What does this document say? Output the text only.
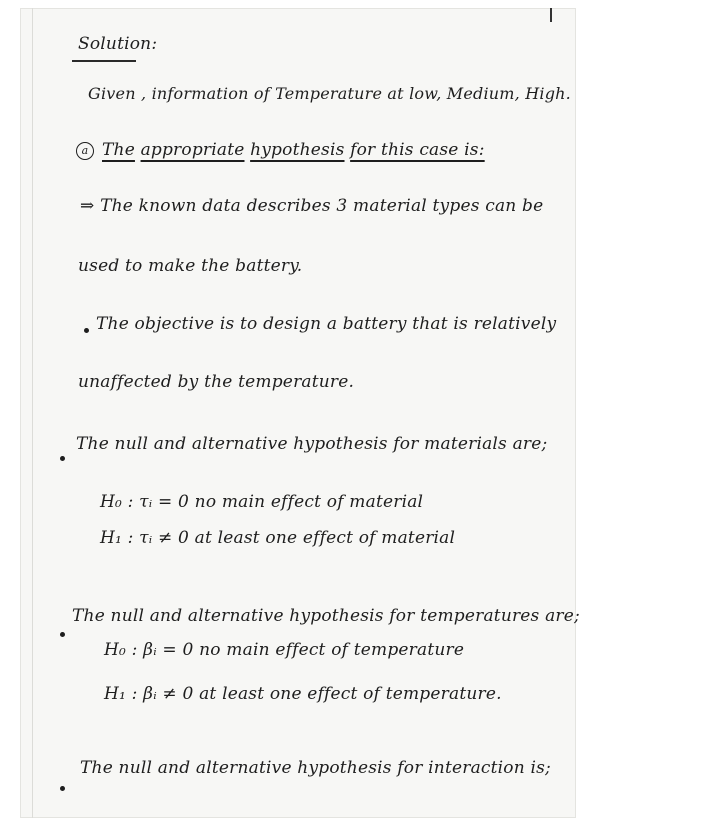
Solution:
Given , information of Temperature at low, Medium, High.
a The appropriate hypothesis for this case is:
⇒ The known data describes 3 material types can be
used to make the battery.
The objective is to design a battery that is relatively
unaffected by the temperature.
The null and alternative hypothesis for materials are;
H₀ : τᵢ = 0 no main effect of material
H₁ : τᵢ ≠ 0 at least one effect of material
The null and alternative hypothesis for temperatures are;
H₀ : βᵢ = 0 no main effect of temperature
H₁ : βᵢ ≠ 0 at least one effect of temperature.
The null and alternative hypothesis for interaction is;
